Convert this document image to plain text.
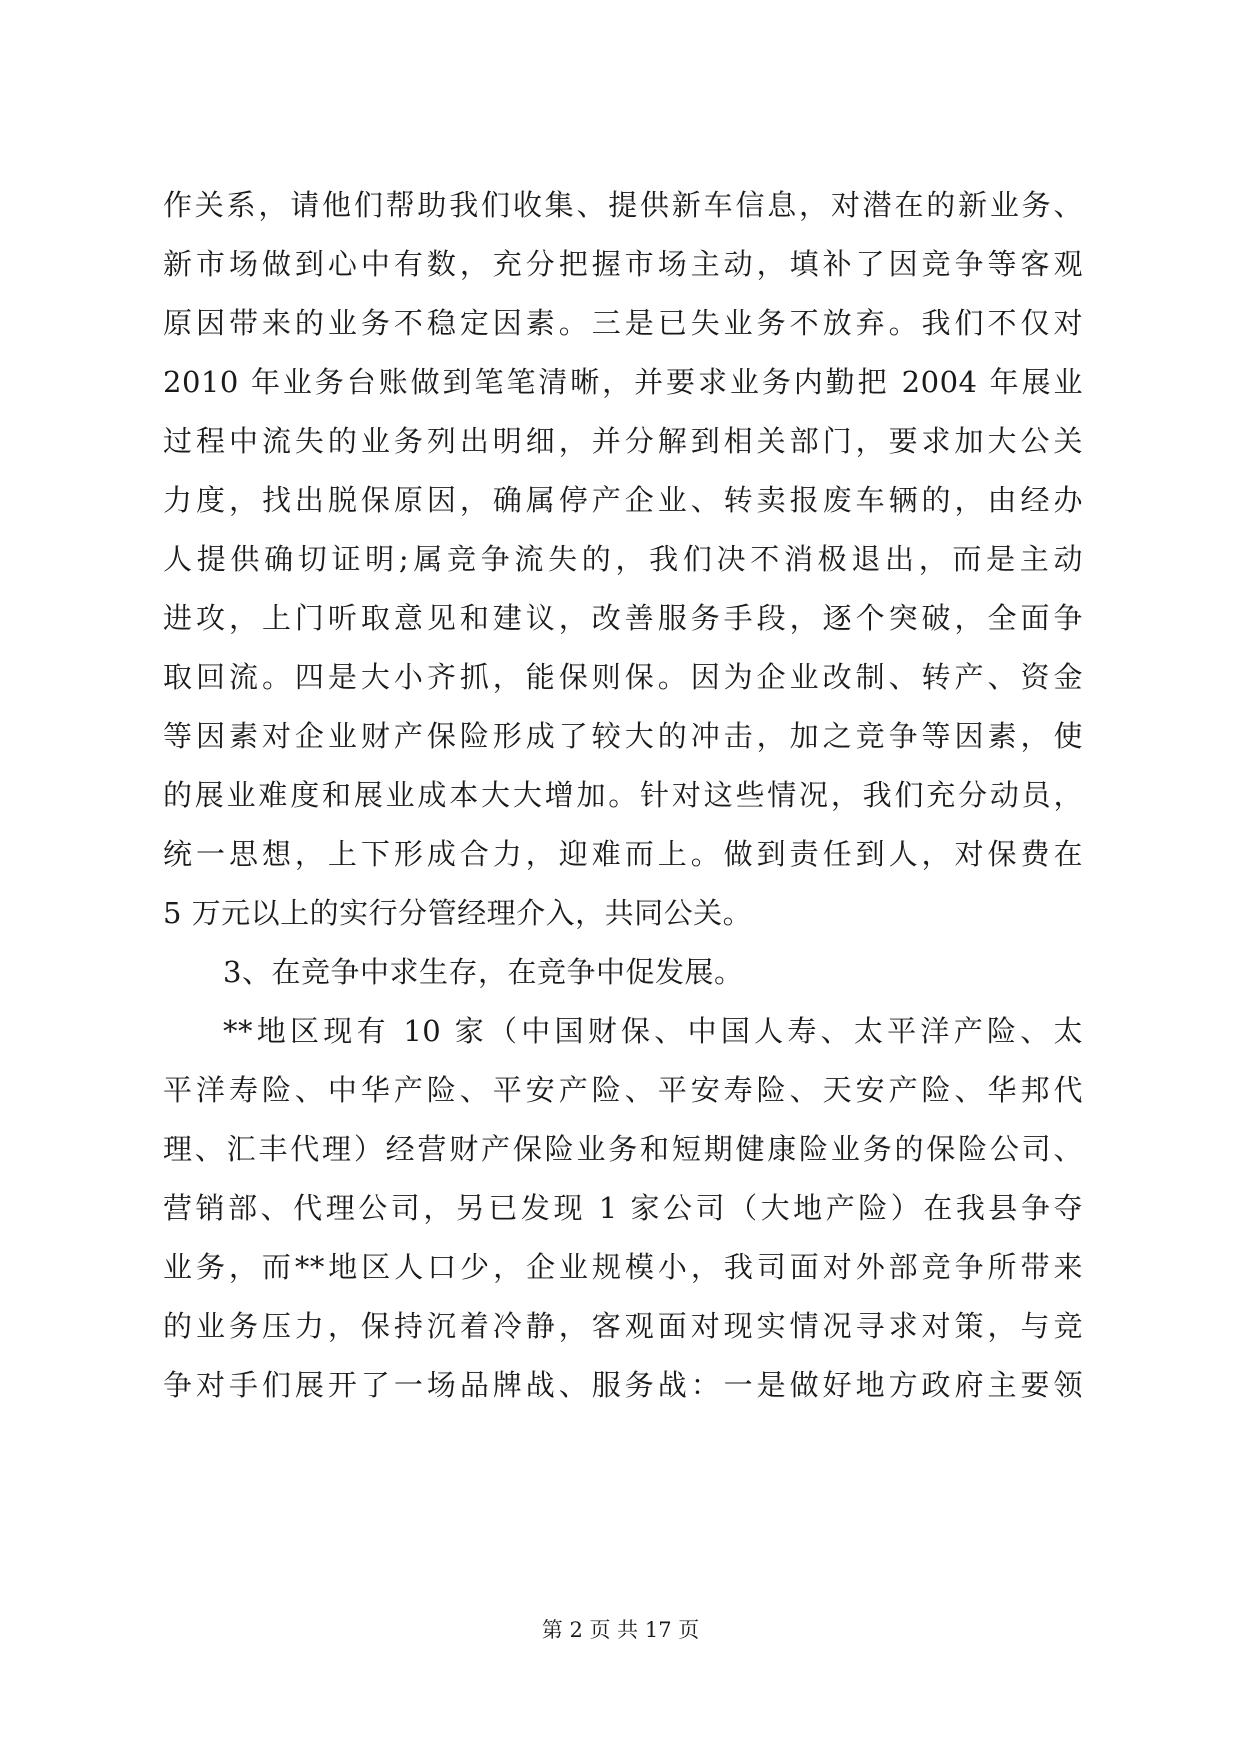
作关系，请他们帮助我们收集、提供新车信息，对潜在的新业务、
新市场做到心中有数，充分把握市场主动，填补了因竞争等客观
原因带来的业务不稳定因素。三是已失业务不放弃。我们不仅对
2010 年业务台账做到笔笔清晰，并要求业务内勤把 2004 年展业
过程中流失的业务列出明细，并分解到相关部门，要求加大公关
力度，找出脱保原因，确属停产企业、转卖报废车辆的，由经办
人提供确切证明;属竞争流失的，我们决不消极退出，而是主动
进攻，上门听取意见和建议，改善服务手段，逐个突破，全面争
取回流。四是大小齐抓，能保则保。因为企业改制、转产、资金
等因素对企业财产保险形成了较大的冲击，加之竞争等因素，使
的展业难度和展业成本大大增加。针对这些情况，我们充分动员，
统一思想，上下形成合力，迎难而上。做到责任到人，对保费在
5 万元以上的实行分管经理介入，共同公关。
3、在竞争中求生存，在竞争中促发展。
**地区现有 10 家（中国财保、中国人寿、太平洋产险、太
平洋寿险、中华产险、平安产险、平安寿险、天安产险、华邦代
理、汇丰代理）经营财产保险业务和短期健康险业务的保险公司、
营销部、代理公司，另已发现 1 家公司（大地产险）在我县争夺
业务，而**地区人口少，企业规模小，我司面对外部竞争所带来
的业务压力，保持沉着冷静，客观面对现实情况寻求对策，与竞
争对手们展开了一场品牌战、服务战：一是做好地方政府主要领
第 2 页 共 17 页
